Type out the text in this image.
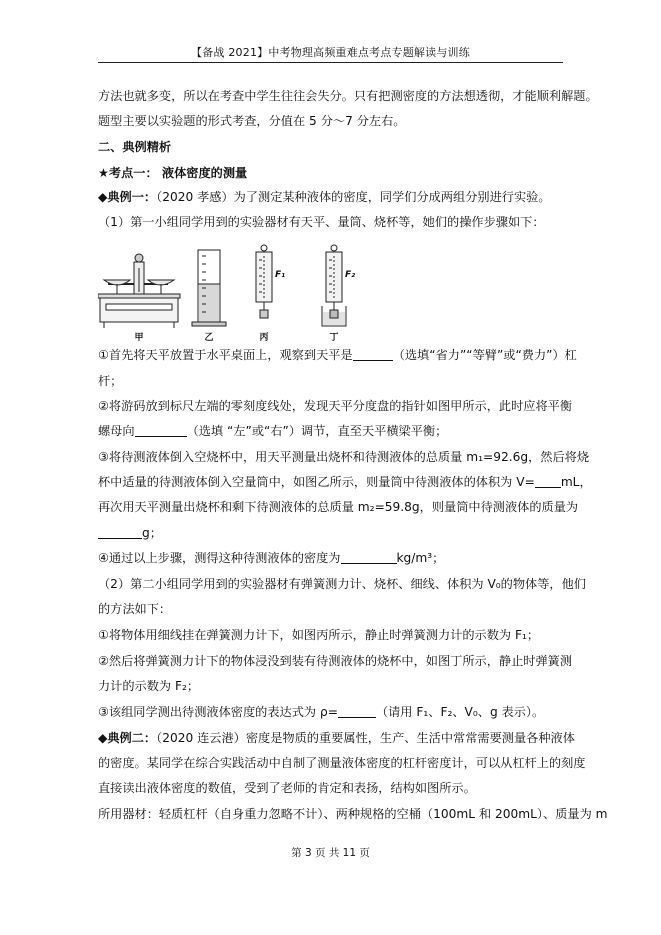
【备战 2021】中考物理高频重难点考点专题解读与训练
方法也就多变，所以在考查中学生往往会失分。只有把测密度的方法想透彻，才能顺利解题。
题型主要以实验题的形式考查，分值在 5 分～7 分左右。
二、典例精析
★考点一： 液体密度的测量
◆典例一：（2020 孝感）为了测定某种液体的密度，同学们分成两组分别进行实验。
（1）第一小组同学用到的实验器材有天平、量筒、烧杯等，她们的操作步骤如下：
甲	乙	丙	丁
F₁	F₂
①首先将天平放置于水平桌面上，观察到天平是	（选填“省力”“等臂”或“费力”）杠
杆；
②将游码放到标尺左端的零刻度线处，发现天平分度盘的指针如图甲所示，此时应将平衡
螺母向	（选填 “左”或“右”）调节，直至天平横梁平衡；
③将待测液体倒入空烧杯中，用天平测量出烧杯和待测液体的总质量 m₁=92.6g，然后将烧
杯中适量的待测液体倒入空量筒中，如图乙所示，则量筒中待测液体的体积为 V= mL，
再次用天平测量出烧杯和剩下待测液体的总质量 m₂=59.8g，则量筒中待测液体的质量为
g；
④通过以上步骤，测得这种待测液体的密度为	kg/m³；
（2）第二小组同学用到的实验器材有弹簧测力计、烧杯、细线、体积为 V₀的物体等，他们
的方法如下：
①将物体用细线挂在弹簧测力计下，如图丙所示，静止时弹簧测力计的示数为 F₁；
②然后将弹簧测力计下的物体浸没到装有待测液体的烧杯中，如图丁所示，静止时弹簧测
力计的示数为 F₂；
③该组同学测出待测液体密度的表达式为 ρ=	（请用 F₁、F₂、V₀、g 表示）。
◆典例二：（2020 连云港）密度是物质的重要属性，生产、生活中常常需要测量各种液体
的密度。某同学在综合实践活动中自制了测量液体密度的杠杆密度计，可以从杠杆上的刻度
直接读出液体密度的数值，受到了老师的肯定和表扬，结构如图所示。
所用器材：轻质杠杆（自身重力忽略不计）、两种规格的空桶（100mL 和 200mL）、质量为 m
第 3 页 共 11 页
